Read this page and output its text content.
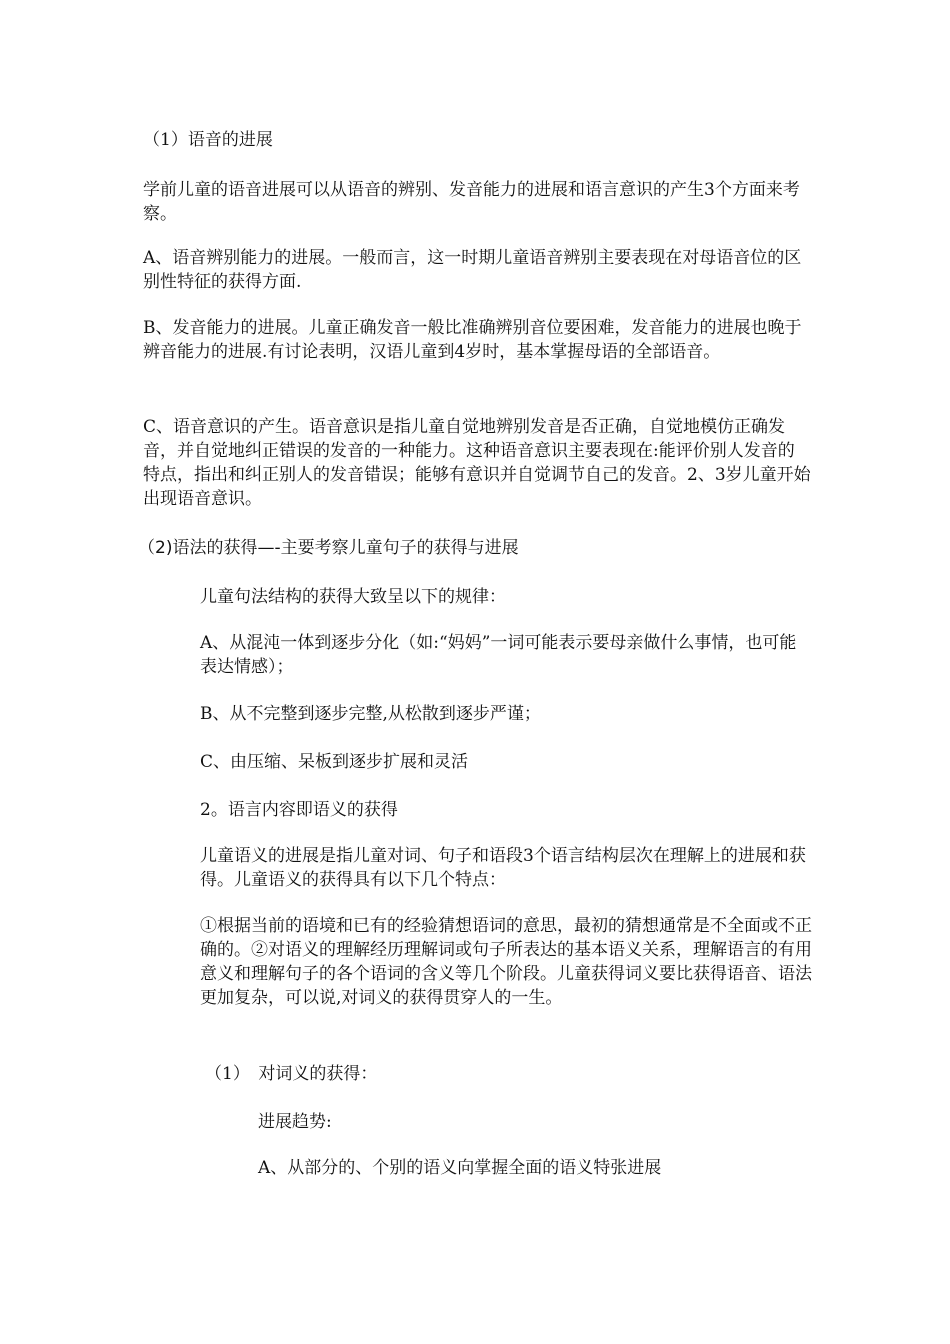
（1）语音的进展

学前儿童的语音进展可以从语音的辨别、发音能力的进展和语言意识的产生3个方面来考察。

A、语音辨别能力的进展。一般而言，这一时期儿童语音辨别主要表现在对母语音位的区别性特征的获得方面.

B、发音能力的进展。儿童正确发音一般比准确辨别音位要困难，发音能力的进展也晚于辨音能力的进展.有讨论表明，汉语儿童到4岁时，基本掌握母语的全部语音。

C、语音意识的产生。语音意识是指儿童自觉地辨别发音是否正确，自觉地模仿正确发音，并自觉地纠正错误的发音的一种能力。这种语音意识主要表现在:能评价别人发音的特点，指出和纠正别人的发音错误；能够有意识并自觉调节自己的发音。2、3岁儿童开始出现语音意识。

（2)语法的获得—-主要考察儿童句子的获得与进展

儿童句法结构的获得大致呈以下的规律：

A、从混沌一体到逐步分化（如:“妈妈”一词可能表示要母亲做什么事情，也可能表达情感）；

B、从不完整到逐步完整,从松散到逐步严谨；

C、由压缩、呆板到逐步扩展和灵活

2。语言内容即语义的获得

儿童语义的进展是指儿童对词、句子和语段3个语言结构层次在理解上的进展和获得。儿童语义的获得具有以下几个特点：

①根据当前的语境和已有的经验猜想语词的意思，最初的猜想通常是不全面或不正确的。②对语义的理解经历理解词或句子所表达的基本语义关系，理解语言的有用意义和理解句子的各个语词的含义等几个阶段。儿童获得词义要比获得语音、语法更加复杂，可以说,对词义的获得贯穿人的一生。

（1）　对词义的获得：

进展趋势:

A、从部分的、个别的语义向掌握全面的语义特张进展
